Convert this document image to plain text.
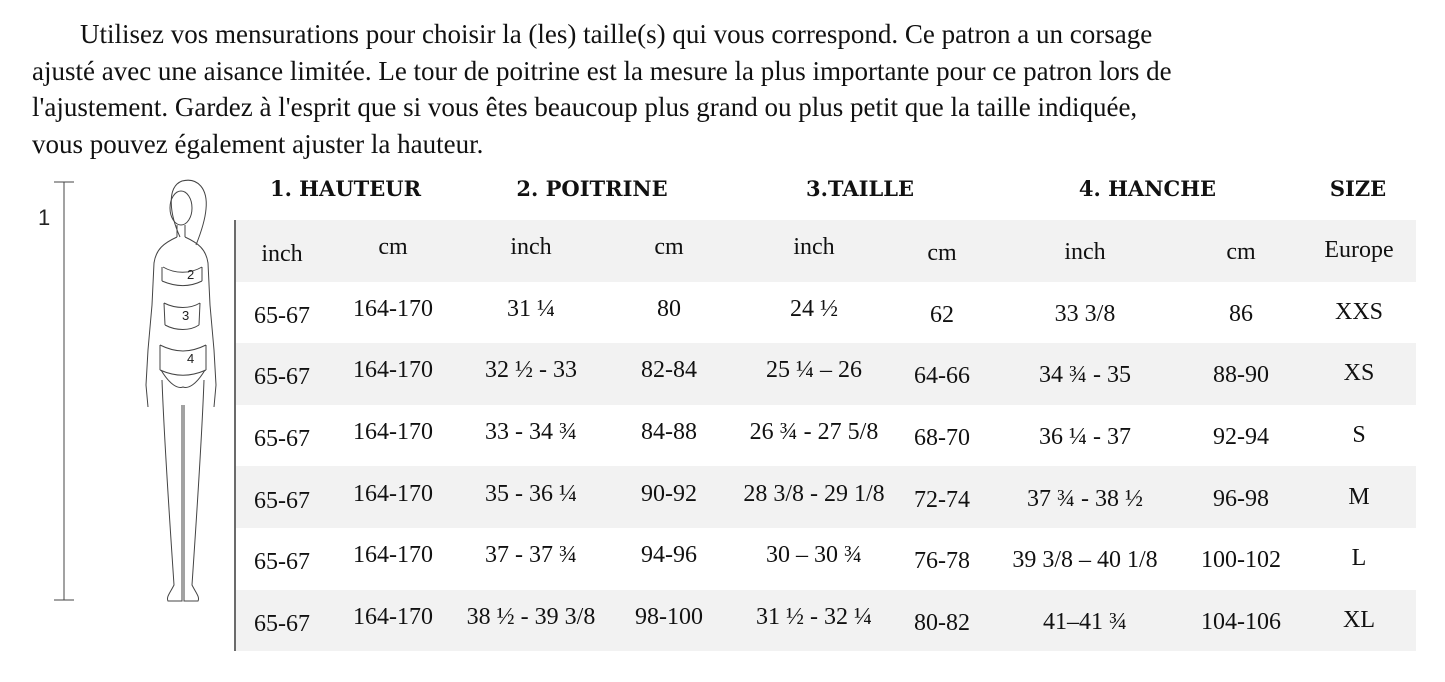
Utilisez vos mensurations pour choisir la (les) taille(s) qui vous correspond. Ce patron a un corsage
ajusté avec une aisance limitée. Le tour de poitrine est la mesure la plus importante pour ce patron lors de
l'ajustement. Gardez à l'esprit que si vous êtes beaucoup plus grand ou plus petit que la taille indiquée,
vous pouvez également ajuster la hauteur.
1
2
3
4
1. HAUTEUR	2. POITRINE	3.TAILLE	4. HANCHE	SIZE
inch	cm	inch	cm	inch	cm	inch	cm	Europe
65-67	164-170	31 ¼	80	24 ½	62	33 3/8	86	XXS
65-67	164-170	32 ½ - 33	82-84	25 ¼ – 26	64-66	34 ¾ - 35	88-90	XS
65-67	164-170	33 - 34 ¾	84-88	26 ¾ - 27 5/8	68-70	36 ¼ - 37	92-94	S
65-67	164-170	35 - 36 ¼	90-92	28 3/8 - 29 1/8	72-74	37 ¾ - 38 ½	96-98	M
65-67	164-170	37 - 37 ¾	94-96	30 – 30 ¾	76-78	39 3/8 – 40 1/8	100-102	L
65-67	164-170	38 ½ - 39 3/8	98-100	31 ½ - 32 ¼	80-82	41–41 ¾	104-106	XL
